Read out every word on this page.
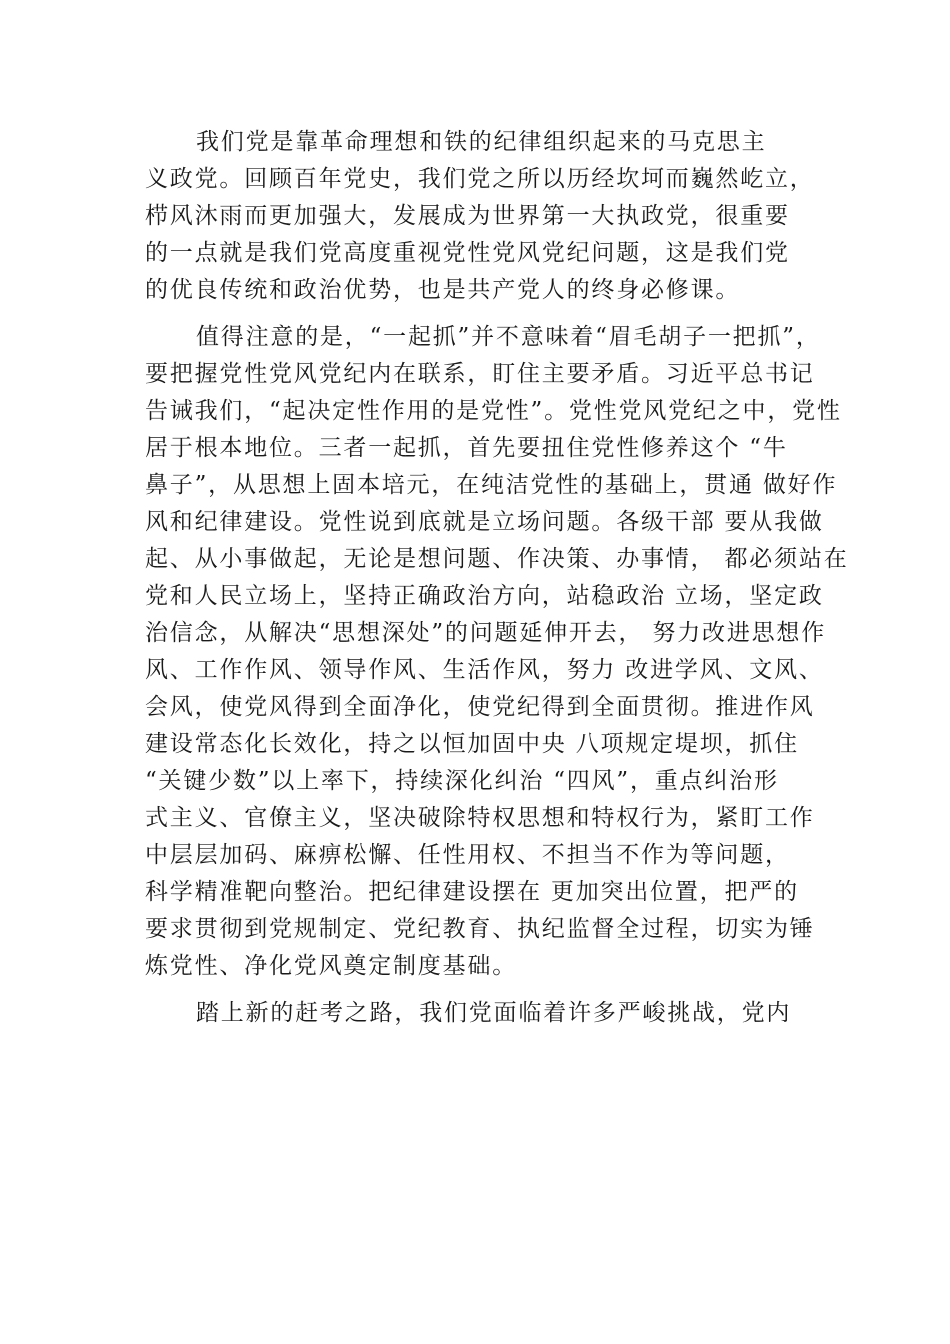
我们党是靠革命理想和铁的纪律组织起来的马克思主
义政党。回顾百年党史，我们党之所以历经坎坷而巍然屹立，
栉风沐雨而更加强大，发展成为世界第一大执政党，很重要
的一点就是我们党高度重视党性党风党纪问题，这是我们党
的优良传统和政治优势，也是共产党人的终身必修课。
值得注意的是，“一起抓”并不意味着“眉毛胡子一把抓”，
要把握党性党风党纪内在联系，盯住主要矛盾。习近平总书记
告诫我们，“起决定性作用的是党性”。党性党风党纪之中，党性
居于根本地位。三者一起抓，首先要扭住党性修养这个 “牛
鼻子”，从思想上固本培元，在纯洁党性的基础上，贯通 做好作
风和纪律建设。党性说到底就是立场问题。各级干部 要从我做
起、从小事做起，无论是想问题、作决策、办事情， 都必须站在
党和人民立场上，坚持正确政治方向，站稳政治 立场，坚定政
治信念，从解决“思想深处”的问题延伸开去， 努力改进思想作
风、工作作风、领导作风、生活作风，努力 改进学风、文风、
会风，使党风得到全面净化，使党纪得到全面贯彻。推进作风
建设常态化长效化，持之以恒加固中央 八项规定堤坝，抓住
“关键少数”以上率下，持续深化纠治 “四风”，重点纠治形
式主义、官僚主义，坚决破除特权思想和特权行为，紧盯工作
中层层加码、麻痹松懈、任性用权、不担当不作为等问题，
科学精准靶向整治。把纪律建设摆在 更加突出位置，把严的
要求贯彻到党规制定、党纪教育、执纪监督全过程，切实为锤
炼党性、净化党风奠定制度基础。
踏上新的赶考之路，我们党面临着许多严峻挑战，党内
